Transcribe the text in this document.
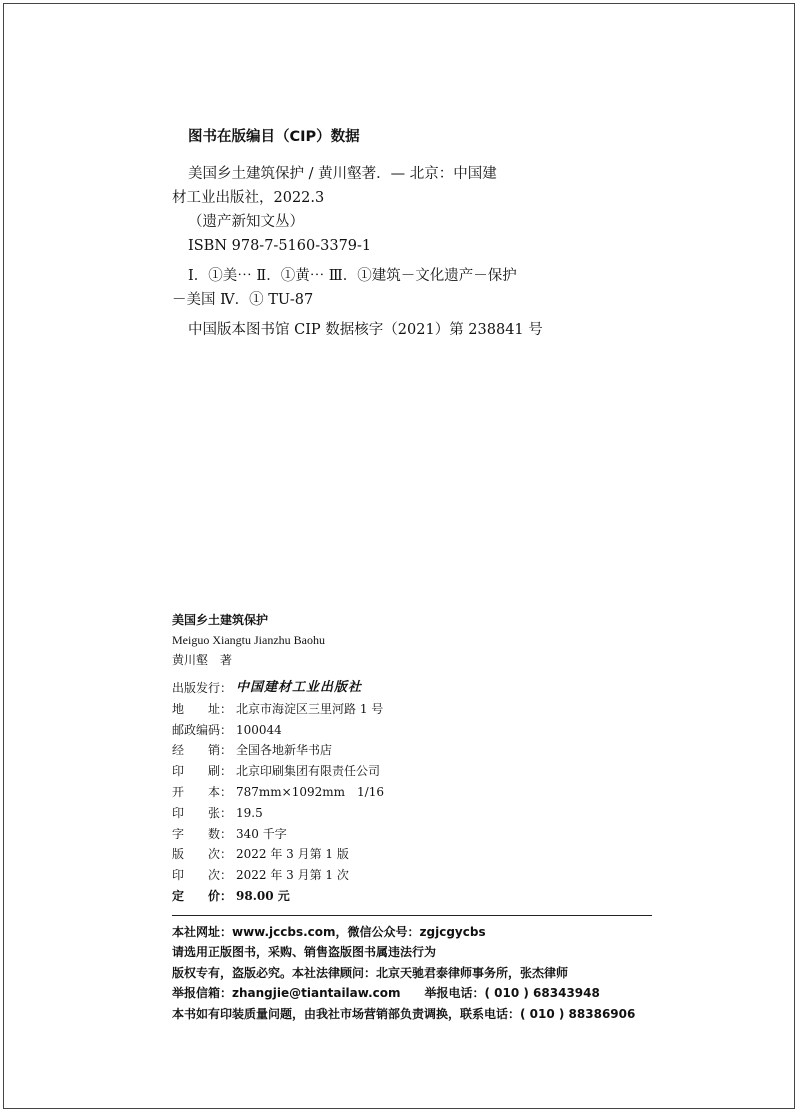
图书在版编目（CIP）数据

美国乡土建筑保护 / 黄川壑著．— 北京：中国建

材工业出版社，2022.3

（遗产新知文丛）

ISBN 978-7-5160-3379-1

Ⅰ．①美⋯ Ⅱ．①黄⋯ Ⅲ．①建筑－文化遗产－保护

－美国 Ⅳ．① TU-87

中国版本图书馆 CIP 数据核字（2021）第 238841 号

美国乡土建筑保护
Meiguo Xiangtu Jianzhu Baohu
黄川壑　著
出版发行： 中国建材工业出版社
地　　址： 北京市海淀区三里河路 1 号
邮政编码： 100044
经　　销： 全国各地新华书店
印　　刷： 北京印刷集团有限责任公司
开　　本： 787mm×1092mm　1/16
印　　张： 19.5
字　　数： 340 千字
版　　次： 2022 年 3 月第 1 版
印　　次： 2022 年 3 月第 1 次
定　　价： 98.00 元
本社网址：www.jccbs.com，微信公众号：zgjcgycbs
请选用正版图书，采购、销售盗版图书属违法行为
版权专有，盗版必究。本社法律顾问：北京天驰君泰律师事务所，张杰律师
举报信箱：zhangjie@tiantailaw.com　　举报电话：( 010 ) 68343948
本书如有印装质量问题，由我社市场营销部负责调换，联系电话：( 010 ) 88386906
